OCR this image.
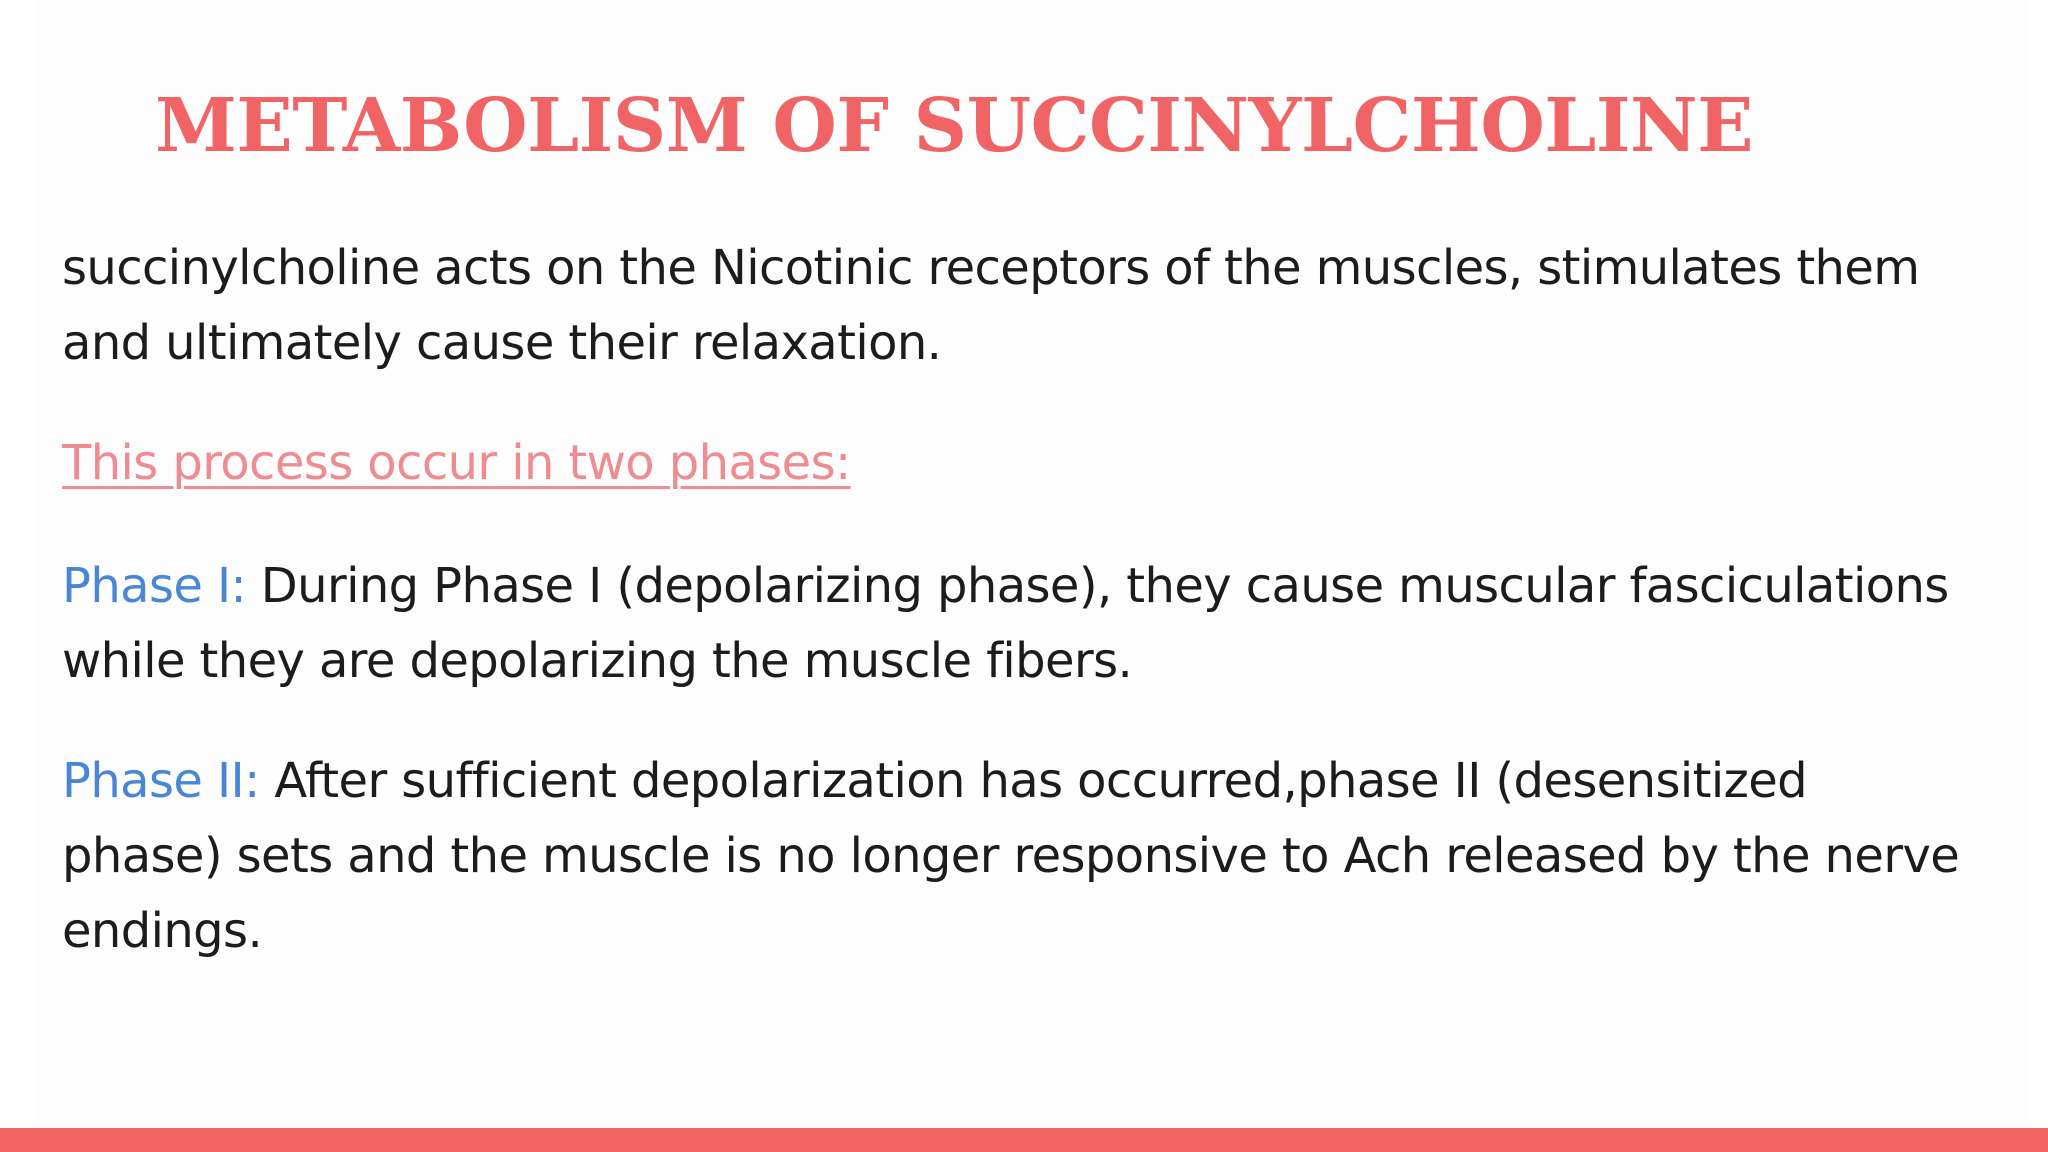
METABOLISM OF SUCCINYLCHOLINE

succinylcholine acts on the Nicotinic receptors of the muscles, stimulates them and ultimately cause their relaxation.

This process occur in two phases:

Phase I: During Phase I (depolarizing phase), they cause muscular fasciculations while they are depolarizing the muscle fibers.

Phase II: After sufficient depolarization has occurred,phase II (desensitized phase) sets and the muscle is no longer responsive to Ach released by the nerve endings.
